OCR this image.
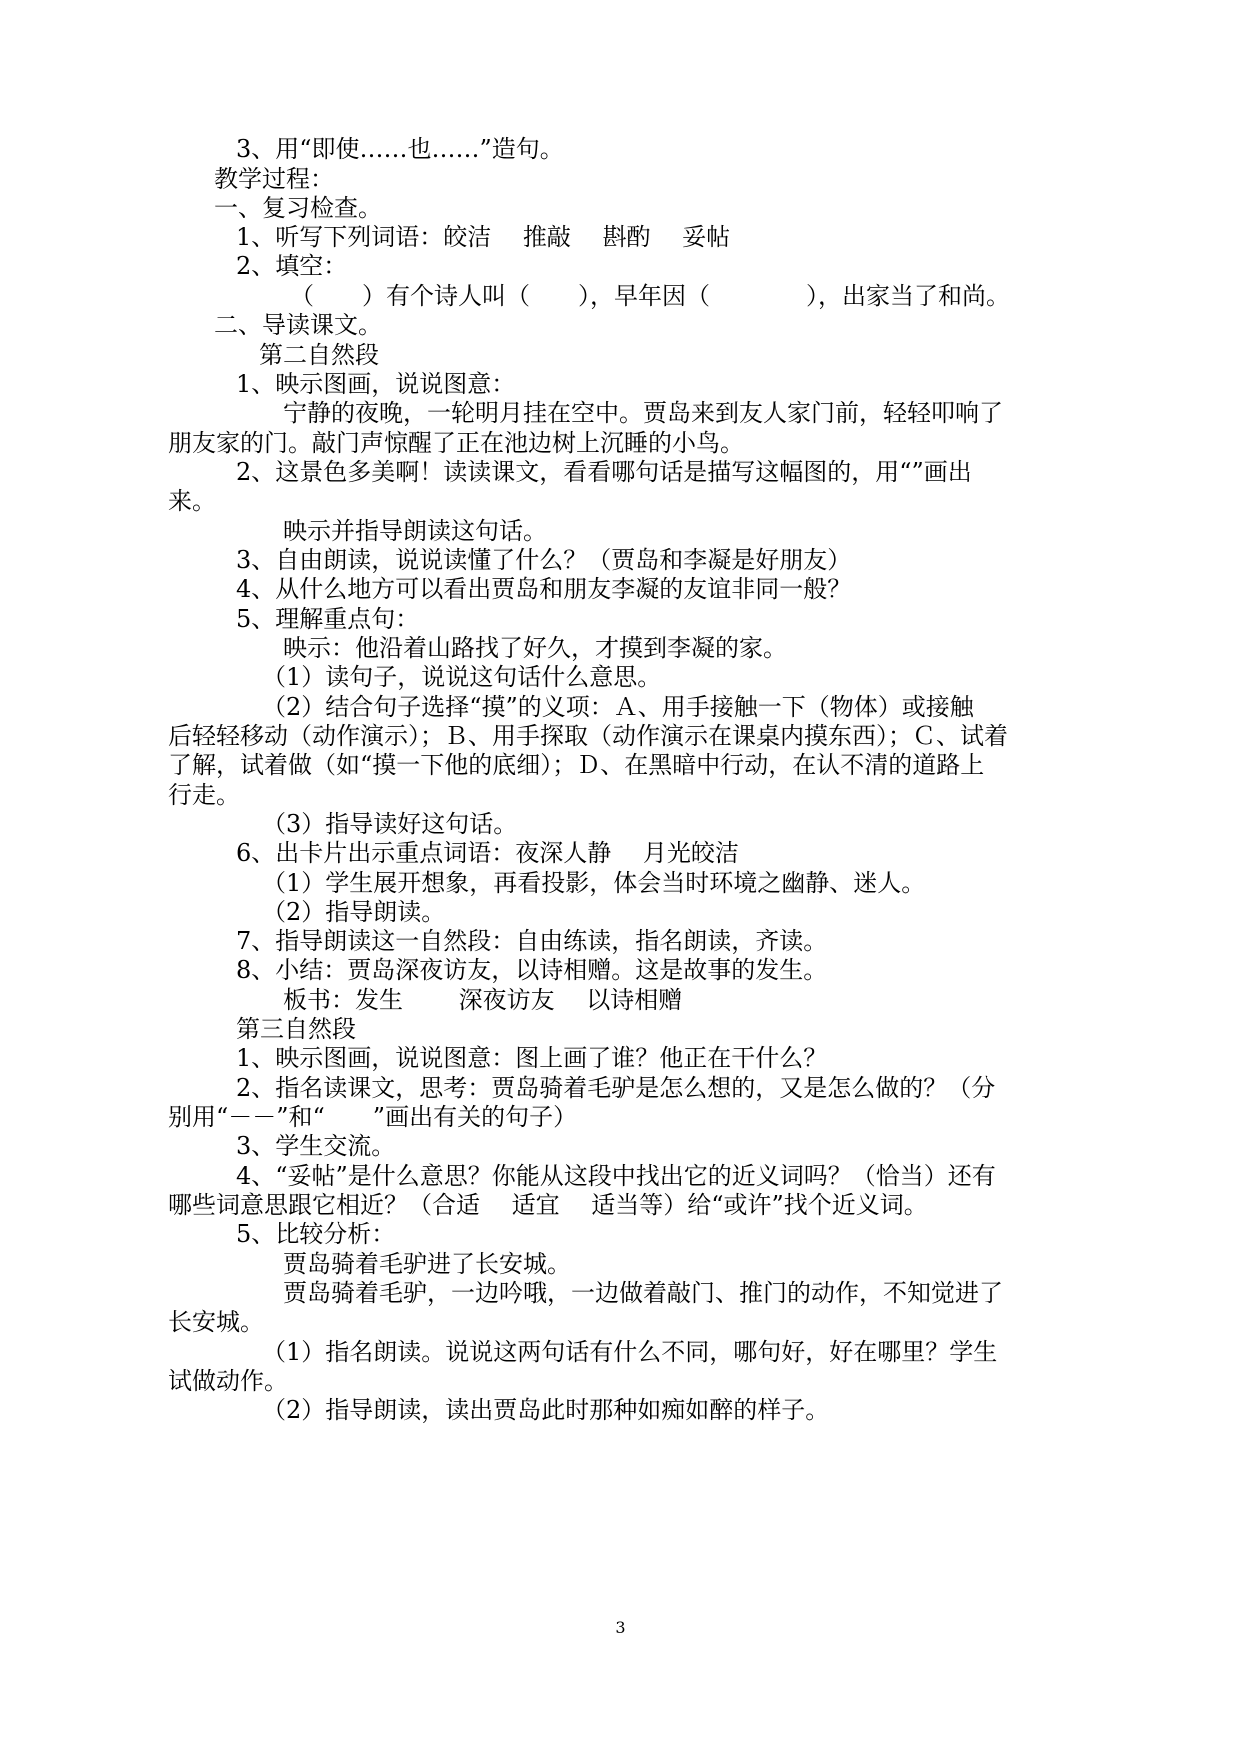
3、用“即使……也……”造句。
教学过程：
一、复习检查。
1、听写下列词语：皎洁　 推敲　 斟酌　 妥帖
2、填空：
（　　）有个诗人叫（　　），早年因（　　　　），出家当了和尚。
二、导读课文。
第二自然段
1、映示图画，说说图意：
宁静的夜晚，一轮明月挂在空中。贾岛来到友人家门前，轻轻叩响了
朋友家的门。敲门声惊醒了正在池边树上沉睡的小鸟。
2、这景色多美啊！读读课文，看看哪句话是描写这幅图的，用“”画出
来。
映示并指导朗读这句话。
3、自由朗读，说说读懂了什么？（贾岛和李凝是好朋友）
4、从什么地方可以看出贾岛和朋友李凝的友谊非同一般？
5、理解重点句：
映示：他沿着山路找了好久，才摸到李凝的家。
（1）读句子，说说这句话什么意思。
（2）结合句子选择“摸”的义项：Ａ、用手接触一下（物体）或接触
后轻轻移动（动作演示）；Ｂ、用手探取（动作演示在课桌内摸东西）；Ｃ、试着
了解，试着做（如“摸一下他的底细）；Ｄ、在黑暗中行动，在认不清的道路上
行走。
（3）指导读好这句话。
6、出卡片出示重点词语：夜深人静　 月光皎洁
（1）学生展开想象，再看投影，体会当时环境之幽静、迷人。
（2）指导朗读。
7、指导朗读这一自然段：自由练读，指名朗读，齐读。
8、小结：贾岛深夜访友，以诗相赠。这是故事的发生。
板书：发生　　 深夜访友　 以诗相赠
第三自然段
1、映示图画，说说图意：图上画了谁？他正在干什么？
2、指名读课文，思考：贾岛骑着毛驴是怎么想的，又是怎么做的？（分
别用“－－”和“　　”画出有关的句子）
3、学生交流。
4、“妥帖”是什么意思？你能从这段中找出它的近义词吗？（恰当）还有
哪些词意思跟它相近？（合适　 适宜　 适当等）给“或许”找个近义词。
5、比较分析：
贾岛骑着毛驴进了长安城。
贾岛骑着毛驴，一边吟哦，一边做着敲门、推门的动作，不知觉进了
长安城。
（1）指名朗读。说说这两句话有什么不同，哪句好，好在哪里？学生
试做动作。
（2）指导朗读，读出贾岛此时那种如痴如醉的样子。
3
